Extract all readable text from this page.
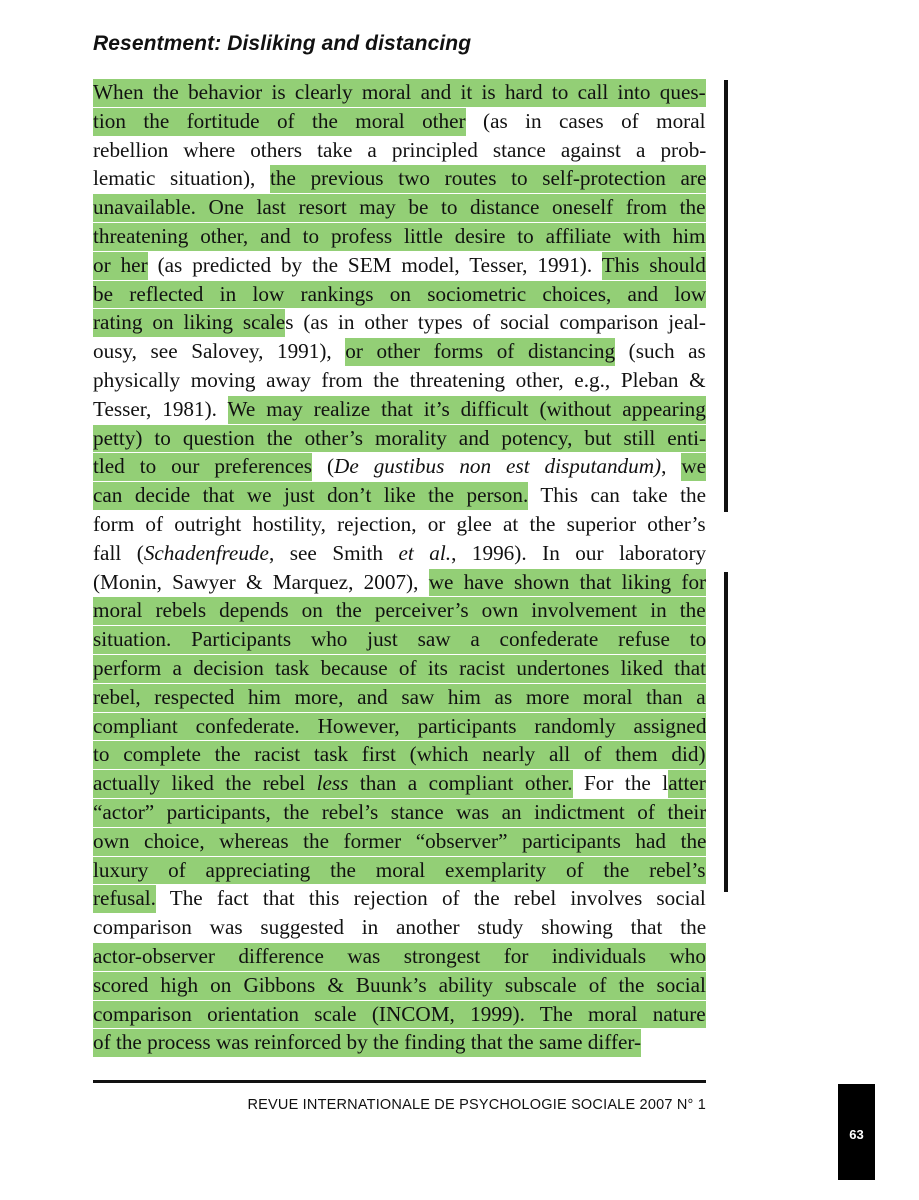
Resentment: Disliking and distancing
When the behavior is clearly moral and it is hard to call into ques-
tion the fortitude of the moral other (as in cases of moral
rebellion where others take a principled stance against a prob-
lematic situation), the previous two routes to self-protection are
unavailable. One last resort may be to distance oneself from the
threatening other, and to profess little desire to affiliate with him
or her (as predicted by the SEM model, Tesser, 1991). This should
be reflected in low rankings on sociometric choices, and low
rating on liking scales (as in other types of social comparison jeal-
ousy, see Salovey, 1991), or other forms of distancing (such as
physically moving away from the threatening other, e.g., Pleban &
Tesser, 1981). We may realize that it’s difficult (without appearing
petty) to question the other’s morality and potency, but still enti-
tled to our preferences (De gustibus non est disputandum), we
can decide that we just don’t like the person. This can take the
form of outright hostility, rejection, or glee at the superior other’s
fall (Schadenfreude, see Smith et al., 1996). In our laboratory
(Monin, Sawyer & Marquez, 2007), we have shown that liking for
moral rebels depends on the perceiver’s own involvement in the
situation. Participants who just saw a confederate refuse to
perform a decision task because of its racist undertones liked that
rebel, respected him more, and saw him as more moral than a
compliant confederate. However, participants randomly assigned
to complete the racist task first (which nearly all of them did)
actually liked the rebel less than a compliant other. For the latter
“actor” participants, the rebel’s stance was an indictment of their
own choice, whereas the former “observer” participants had the
luxury of appreciating the moral exemplarity of the rebel’s
refusal. The fact that this rejection of the rebel involves social
comparison was suggested in another study showing that the
actor-observer difference was strongest for individuals who
scored high on Gibbons & Buunk’s ability subscale of the social
comparison orientation scale (INCOM, 1999). The moral nature
of the process was reinforced by the finding that the same differ-
REVUE INTERNATIONALE DE PSYCHOLOGIE SOCIALE 2007 N° 1
63
